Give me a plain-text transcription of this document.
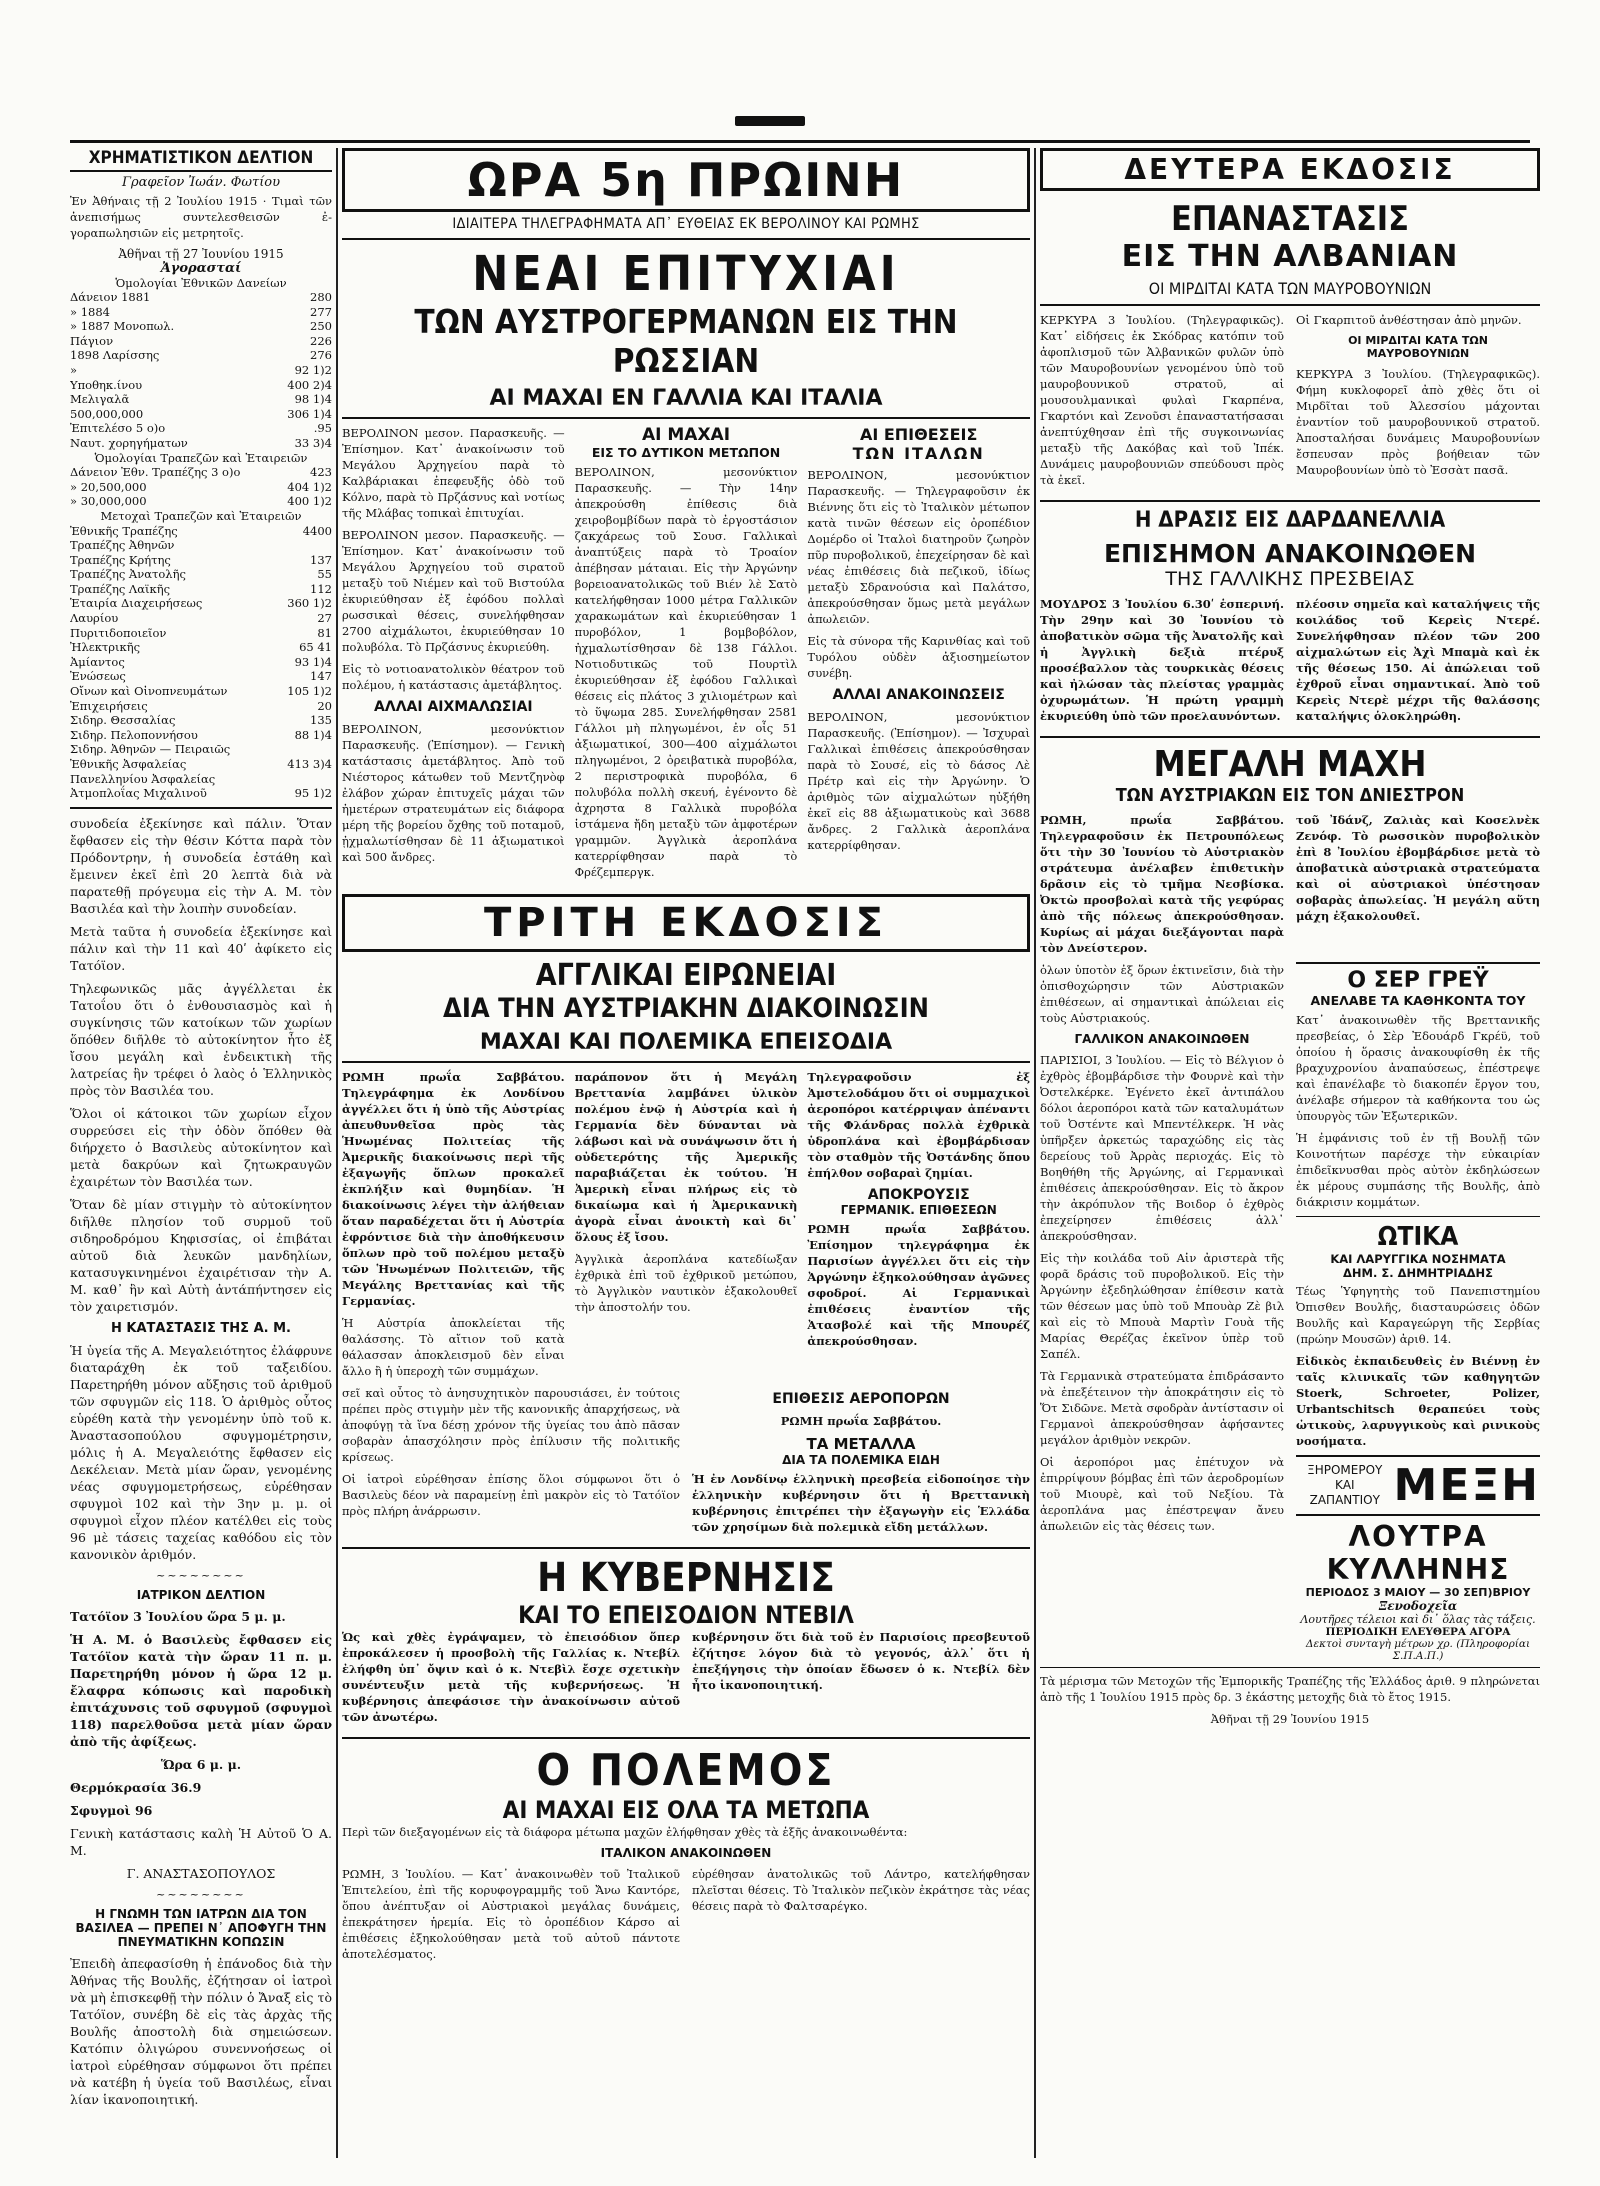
ΧΡΗΜΑΤΙΣΤΙΚΟΝ ΔΕΛΤΙΟΝ
Γραφεῖον Ἰωάν. Φωτίου

Ἐν Ἀθήναις τῇ 2 Ἰουλίου 1915 · Τιμαὶ τῶν ἀνεπισήμως συντελεσθεισῶν ἐ-γοραπωλησιῶν εἰς μετρητοῖς.

Ἀθῆναι τῇ 27 Ἰουνίου 1915
Ἀγορασταί
Ὁμολογίαι Ἐθνικῶν Δανείων
Δάνειον 1881	280
» 1884	277
» 1887 Μονοπωλ.	250
Πάγιον	226
1898 Λαρίσσης	276
»	92 1)2
Υποθηκ.ίνου	400 2)4
Μελιγαλᾶ	98 1)4
500,000,000	306 1)4
Ἐπιτελέσο 5 ο)ο	.95
Ναυτ. χορηγήματων	33 3)4
Ὁμολογίαι Τραπεζῶν καὶ Ἑταιρειῶν	
Δάνειον Ἐθν. Τραπέζης 3 ο)ο	423
» 20,500,000	404 1)2
» 30,000,000	400 1)2
Μετοχαὶ Τραπεζῶν καὶ Ἑταιρειῶν	
Ἐθνικῆς Τραπέζης	4400
Τραπέζης Ἀθηνῶν	
Τραπέζης Κρήτης	137
Τραπέζης Ἀνατολῆς	55
Τραπέζης Λαϊκῆς	112
Ἑταιρία Διαχειρήσεως	360 1)2
Λαυρίου	27
Πυριτιδοποιεῖον	81
Ἠλεκτρικῆς	65 41
Ἀμίαντος	93 1)4
Ἐνώσεως	147
Οἴνων καὶ Οἰνοπνευμάτων	105 1)2
Ἐπιχειρήσεις	20
Σιδηρ. Θεσσαλίας	135
Σιδηρ. Πελοποννήσου	88 1)4
Σιδηρ. Ἀθηνῶν — Πειραιῶς	
Ἐθνικῆς Ἀσφαλείας	413 3)4
Πανελληνίου Ἀσφαλείας	
Ἀτμοπλοΐας Μιχαλινοῦ	95 1)2

συνοδεία ἐξεκίνησε καὶ πάλιν. Ὅταν ἔφθασεν εἰς τὴν θέσιν Κόττα παρὰ τὸν Πρόδοντρην, ἡ συνοδεία ἐστάθη καὶ ἔμεινεν ἐκεῖ ἐπὶ 20 λεπτὰ διὰ νὰ παρατεθῇ πρόγευμα εἰς τὴν Α. Μ. τὸν Βασιλέα καὶ τὴν λοιπὴν συνοδείαν.

Μετὰ ταῦτα ἡ συνοδεία ἐξεκίνησε καὶ πάλιν καὶ τὴν 11 καὶ 40ʹ ἀφίκετο εἰς Τατόϊον.

Τηλεφωνικῶς μᾶς ἀγγέλλεται ἐκ Τατοΐου ὅτι ὁ ἐνθουσιασμὸς καὶ ἡ συγκίνησις τῶν κατοίκων τῶν χωρίων ὅπόθεν διῆλθε τὸ αὐτοκίνητον ἦτο ἐξ ἴσου μεγάλη καὶ ἐνδεικτικὴ τῆς λατρείας ἣν τρέφει ὁ λαὸς ὁ Ἑλληνικὸς πρὸς τὸν Βασιλέα του.

Ὅλοι οἱ κάτοικοι τῶν χωρίων εἶχον συρρεύσει εἰς τὴν ὁδὸν ὅπόθεν θὰ διήρχετο ὁ Βασιλεὺς αὐτοκίνητον καὶ μετὰ δακρύων καὶ ζητωκραυγῶν ἐχαιρέτων τὸν Βασιλέα των.

Ὅταν δὲ μίαν στιγμὴν τὸ αὐτοκίνητον διῆλθε πλησίον τοῦ συρμοῦ τοῦ σιδηροδρόμου Κηφισσίας, οἱ ἐπιβάται αὐτοῦ διὰ λευκῶν μανδηλίων, κατασυγκινημένοι ἐχαιρέτισαν τὴν Α. Μ. καθ᾽ ἣν καὶ Αὐτὴ ἀντάπήντησεν εἰς τὸν χαιρετισμόν.

Η ΚΑΤΑΣΤΑΣΙΣ ΤΗΣ Α. Μ.

Ἡ ὑγεία τῆς Α. Μεγαλειότητος ἐλάφρυνε διαταράχθη ἐκ τοῦ ταξειδίου. Παρετηρήθη μόνον αὔξησις τοῦ ἀριθμοῦ τῶν σφυγμῶν εἰς 118. Ὁ ἀριθμὸς οὗτος εὑρέθη κατὰ τὴν γενομένην ὑπὸ τοῦ κ. Ἀναστασοπούλου σφυγμομέτρησιν, μόλις ἡ Α. Μεγαλειότης ἔφθασεν εἰς Δεκέλειαν. Μετὰ μίαν ὥραν, γενομένης νέας σφυγμομετρήσεως, εὑρέθησαν σφυγμοὶ 102 καὶ τὴν 3ην μ. μ. οἱ σφυγμοὶ εἶχον πλέον κατέλθει εἰς τοὺς 96 μὲ τάσεις ταχείας καθόδου εἰς τὸν κανονικὸν ἀριθμόν.

~~~~~~~~
ΙΑΤΡΙΚΟΝ ΔΕΛΤΙΟΝ

Τατόϊον 3 Ἰουλίου ὥρα 5 μ. μ.

Ἡ Α. Μ. ὁ Βασιλεὺς ἔφθασεν εἰς Τατόϊον κατὰ τὴν ὥραν 11 π. μ. Παρετηρήθη μόνον ἡ ὥρα 12 μ. ἔλαφρα κόπωσις καὶ παροδικὴ ἐπιτάχυνσις τοῦ σφυγμοῦ (σφυγμοὶ 118) παρελθοῦσα μετὰ μίαν ὥραν ἀπὸ τῆς ἀφίξεως.

Ὥρα 6 μ. μ.
Θερμόκρασία 36.9
Σφυγμοὶ 96
Γενικὴ κατάστασις καλὴ Ἡ Αὐτοῦ Ὁ Α. Μ.
Γ. ΑΝΑΣΤΑΣΟΠΟΥΛΟΣ
~~~~~~~~
Η ΓΝΩΜΗ ΤΩΝ ΙΑΤΡΩΝ ΔΙΑ ΤΟΝ ΒΑΣΙΛΕΑ — ΠΡΕΠΕΙ Ν᾽ ΑΠΟΦΥΓΗ ΤΗΝ ΠΝΕΥΜΑΤΙΚΗΝ ΚΟΠΩΣΙΝ

Ἐπειδὴ ἀπεφασίσθη ἡ ἐπάνοδος διὰ τὴν Ἀθήνας τῆς Βουλῆς, ἐζήτησαν οἱ ἰατροὶ νὰ μὴ ἐπισκεφθῇ τὴν πόλιν ὁ Ἄναξ εἰς τὸ Τατόϊον, συνέβη δὲ εἰς τὰς ἀρχὰς τῆς Βουλῆς ἀποστολὴ διὰ σημειώσεων. Κατόπιν ὀλιγώρου συνεννοήσεως οἱ ἰατροὶ εὑρέθησαν σύμφωνοι ὅτι πρέπει νὰ κατέβη ἡ ὑγεία τοῦ Βασιλέως, εἶναι λίαν ἱκανοποιητική.

ΩΡΑ 5η ΠΡΩΙΝΗ
ΙΔΙΑΙΤΕΡΑ ΤΗΛΕΓΡΑΦΗΜΑΤΑ ΑΠ᾽ ΕΥΘΕΙΑΣ ΕΚ ΒΕΡΟΛΙΝΟΥ ΚΑΙ ΡΩΜΗΣ
ΝΕΑΙ ΕΠΙΤΥΧΙΑΙ
ΤΩΝ ΑΥΣΤΡΟΓΕΡΜΑΝΩΝ ΕΙΣ ΤΗΝ ΡΩΣΣΙΑΝ
ΑΙ ΜΑΧΑΙ ΕΝ ΓΑΛΛΙΑ ΚΑΙ ΙΤΑΛΙΑ

ΒΕΡΟΛΙΝΟΝ μεσον. Παρασκευῆς. — Ἐπίσημον. Κατ᾽ ἀνακοίνωσιν τοῦ Μεγάλου Ἀρχηγείου παρὰ τὸ Καλβάριακαι ἐπεφευξῆς ὁδὸ τοῦ Κόλνο, παρὰ τὸ Πρζάσνυς καὶ νοτίως τῆς Μλάβας τοπικαὶ ἐπιτυχίαι.

ΒΕΡΟΛΙΝΟΝ μεσον. Παρασκευῆς. — Ἐπίσημον. Κατ᾽ ἀνακοίνωσιν τοῦ Μεγάλου Ἀρχηγείου τοῦ σιρατοῦ μεταξὺ τοῦ Νιέμεν καὶ τοῦ Βιστούλα ἐκυριεύθησαν ἐξ ἐφόδου πολλαὶ ρωσσικαὶ θέσεις, συνελήφθησαν 2700 αἰχμάλωτοι, ἐκυριεύθησαν 10 πολυβόλα. Τὸ Πρζάσνυς ἐκυριεύθη.

Εἰς τὸ νοτιοανατολικὸν θέατρον τοῦ πολέμου, ἡ κατάστασις ἀμετάβλητος.

ΑΛΛΑΙ ΑΙΧΜΑΛΩΣΙΑΙ

ΒΕΡΟΛΙΝΟΝ, μεσονύκτιον Παρασκευῆς. (Ἐπίσημον). — Γενικὴ κατάστασις ἀμετάβλητος. Ἀπὸ τοῦ Νιέστορος κάτωθεν τοῦ Μεντζηνὸφ ἐλάβον χώραν ἐπιτυχεῖς μάχαι τῶν ἡμετέρων στρατευμάτων εἰς διάφορα μέρη τῆς βορείου ὄχθης τοῦ ποταμοῦ, ᾐχμαλωτίσθησαν δὲ 11 ἀξιωματικοὶ καὶ 500 ἄνδρες.

ΑΙ ΜΑΧΑΙ
ΕΙΣ ΤΟ ΔΥΤΙΚΟΝ ΜΕΤΩΠΟΝ

ΒΕΡΟΛΙΝΟΝ, μεσονύκτιον Παρασκευῆς. — Τὴν 14ην ἀπεκρούσθη ἐπίθεσις διὰ χειροβομβίδων παρὰ τὸ ἐργοστάσιον ζακχάρεως τοῦ Σουσ. Γαλλικαὶ ἀναπτύξεις παρὰ τὸ Τροαίον ἀπέβησαν μάταιαι. Εἰς τὴν Ἀργώνην βορειοανατολικῶς τοῦ Βιέν λὲ Σατὸ κατελήφθησαν 1000 μέτρα Γαλλικῶν χαρακωμάτων καὶ ἐκυριεύθησαν 1 πυροβόλον, 1 βομβοβόλον, ἠχμαλωτίσθησαν δὲ 138 Γάλλοι. Νοτιοδυτικῶς τοῦ Πουρτὶλ ἐκυριεύθησαν ἐξ ἐφόδου Γαλλικαὶ θέσεις εἰς πλάτος 3 χιλιομέτρων καὶ τὸ ὕψωμα 285. Συνελήφθησαν 2581 Γάλλοι μὴ πληγωμένοι, ἐν οἷς 51 ἀξιωματικοί, 300—400 αἰχμάλωτοι πληγωμένοι, 2 ὀρειβατικὰ πυροβόλα, 2 περιστροφικὰ πυροβόλα, 6 πολυβόλα πολλὴ σκευή, ἐγένοντο δὲ ἀχρηστα 8 Γαλλικὰ πυροβόλα ἱστάμενα ἤδη μεταξὺ τῶν ἀμφοτέρων γραμμῶν. Ἀγγλικὰ ἀεροπλάνα κατερρίφθησαν παρὰ τὸ Φρέζεμπεργκ.

ΑΙ ΕΠΙΘΕΣΕΙΣ
ΤΩΝ ΙΤΑΛΩΝ

ΒΕΡΟΛΙΝΟΝ, μεσονύκτιον Παρασκευῆς. — Τηλεγραφοῦσιν ἐκ Βιέννης ὅτι εἰς τὸ Ἰταλικὸν μέτωπον κατὰ τινῶν θέσεων εἰς ὀροπέδιον Δομέρδο οἱ Ἰταλοὶ διατηροῦν ζωηρὸν πῦρ πυροβολικοῦ, ἐπεχείρησαν δὲ καὶ νέας ἐπιθέσεις διὰ πεζικοῦ, ἰδίως μεταξὺ Σδρανούσια καὶ Παλάτσο, ἀπεκρούσθησαν ὅμως μετὰ μεγάλων ἀπωλειῶν.

Εἰς τὰ σύνορα τῆς Καρινθίας καὶ τοῦ Τυρόλου οὐδὲν ἀξιοσημείωτον συνέβη.

ΑΛΛΑΙ ΑΝΑΚΟΙΝΩΣΕΙΣ

ΒΕΡΟΛΙΝΟΝ, μεσονύκτιον Παρασκευῆς. (Ἐπίσημον). — Ἰσχυραὶ Γαλλικαὶ ἐπιθέσεις ἀπεκρούσθησαν παρὰ τὸ Σουσέ, εἰς τὸ δάσος Λὲ Πρέτρ καὶ εἰς τὴν Ἀργώνην. Ὁ ἀριθμὸς τῶν αἰχμαλώτων ηὐξήθη ἐκεῖ εἰς 88 ἀξιωματικοὺς καὶ 3688 ἄνδρες. 2 Γαλλικὰ ἀεροπλάνα κατερρίφθησαν.

ΤΡΙΤΗ ΕΚΔΟΣΙΣ
ΑΓΓΛΙΚΑΙ ΕΙΡΩΝΕΙΑΙ
ΔΙΑ ΤΗΝ ΑΥΣΤΡΙΑΚΗΝ ΔΙΑΚΟΙΝΩΣΙΝ
ΜΑΧΑΙ ΚΑΙ ΠΟΛΕΜΙΚΑ ΕΠΕΙΣΟΔΙΑ

ΡΩΜΗ πρωΐα Σαββάτου. Τηλεγράφημα ἐκ Λονδίνου ἀγγέλλει ὅτι ἡ ὑπὸ τῆς Αὐστρίας ἀπευθυνθεῖσα πρὸς τὰς Ἡνωμένας Πολιτείας τῆς Ἀμερικῆς διακοίνωσις περὶ τῆς ἐξαγωγῆς ὅπλων προκαλεῖ ἐκπλήξιν καὶ θυμηδίαν. Ἡ διακοίνωσις λέγει τὴν ἀλήθειαν ὅταν παραδέχεται ὅτι ἡ Αὐστρία ἐφρόντισε διὰ τὴν ἀποθήκευσιν ὅπλων πρὸ τοῦ πολέμου μεταξὺ τῶν Ἡνωμένων Πολιτειῶν, τῆς Μεγάλης Βρεττανίας καὶ τῆς Γερμανίας.

Ἡ Αὐστρία ἀποκλείεται τῆς θαλάσσης. Τὸ αἴτιον τοῦ κατὰ θάλασσαν ἀποκλεισμοῦ δὲν εἶναι ἄλλο ἢ ἡ ὑπεροχὴ τῶν συμμάχων.

παράπονον ὅτι ἡ Μεγάλη Βρεττανία λαμβάνει ὑλικὸν πολέμου ἐνῷ ἡ Αὐστρία καὶ ἡ Γερμανία δὲν δύνανται νὰ λάβωσι καὶ νὰ συνάψωσιν ὅτι ἡ οὐδετερότης τῆς Ἀμερικῆς παραβιάζεται ἐκ τούτου. Ἡ Ἀμερικὴ εἶναι πλήρως εἰς τὸ δικαίωμα καὶ ἡ Ἀμερικανικὴ ἀγορὰ εἶναι ἀνοικτὴ καὶ δι᾽ ὅλους ἐξ ἴσου.

Ἀγγλικὰ ἀεροπλάνα κατεδίωξαν ἐχθρικὰ ἐπὶ τοῦ ἐχθρικοῦ μετώπου, τὸ Ἀγγλικὸν ναυτικὸν ἐξακολουθεῖ τὴν ἀποστολήν του.

Τηλεγραφοῦσιν ἐξ Ἀμστελοδάμου ὅτι οἱ συμμαχικοὶ ἀεροπόροι κατέρριψαν ἀπέναντι τῆς Φλάνδρας πολλὰ ἐχθρικὰ ὑδροπλάνα καὶ ἐβομβάρδισαν τὸν σταθμὸν τῆς Ὀστάνδης ὅπου ἐπήλθον σοβαραὶ ζημίαι.

ΑΠΟΚΡΟΥΣΙΣ
ΓΕΡΜΑΝΙΚ. ΕΠΙΘΕΣΕΩΝ

ΡΩΜΗ πρωΐα Σαββάτου. Ἐπίσημον τηλεγράφημα ἐκ Παρισίων ἀγγέλλει ὅτι εἰς τὴν Ἀργώνην ἐξηκολούθησαν ἀγῶνες σφοδροί. Αἱ Γερμανικαὶ ἐπιθέσεις ἐναντίον τῆς Ἀτασβολέ καὶ τῆς Μπουρέζ ἀπεκρούσθησαν.

σεῖ καὶ οὗτος τὸ ἀνησυχητικὸν παρουσιάσει, ἐν τούτοις πρέπει πρὸς στιγμὴν μὲν τῆς κανονικῆς ἀπαρχήσεως, νὰ ἀποφύγῃ τὰ ἵνα δέσῃ χρόνον τῆς ὑγείας του ἀπὸ πᾶσαν σοβαρὰν ἀπασχόλησιν πρὸς ἐπίλυσιν τῆς πολιτικῆς κρίσεως.

Οἱ ἰατροὶ εὑρέθησαν ἐπίσης ὅλοι σύμφωνοι ὅτι ὁ Βασιλεὺς δέον νὰ παραμείνῃ ἐπὶ μακρὸν εἰς τὸ Τατόϊον πρὸς πλήρη ἀνάρρωσιν.

ΕΠΙΘΕΣΙΣ ΑΕΡΟΠΟΡΩΝ
ΡΩΜΗ πρωΐα Σαββάτου.
ΤΑ ΜΕΤΑΛΛΑ
ΔΙΑ ΤΑ ΠΟΛΕΜΙΚΑ ΕΙΔΗ

Ἡ ἐν Λονδίνῳ ἑλληνικὴ πρεσβεία εἰδοποίησε τὴν ἑλληνικὴν κυβέρνησιν ὅτι ἡ Βρεττανικὴ κυβέρνησις ἐπιτρέπει τὴν ἐξαγωγὴν εἰς Ἑλλάδα τῶν χρησίμων διὰ πολεμικὰ εἴδη μετάλλων.

Η ΚΥΒΕΡΝΗΣΙΣ
ΚΑΙ ΤΟ ΕΠΕΙΣΟΔΙΟΝ ΝΤΕΒΙΛ

Ὡς καὶ χθὲς ἐγράψαμεν, τὸ ἐπεισόδιον ὅπερ ἐπροκάλεσεν ἡ προσβολὴ τῆς Γαλλίας κ. Ντεβίλ ἐλήφθη ὑπ᾽ ὄψιν καὶ ὁ κ. Ντεβὶλ ἔσχε σχετικὴν συνέντευξιν μετὰ τῆς κυβερνήσεως. Ἡ κυβέρνησις ἀπεφάσισε τὴν ἀνακοίνωσιν αὐτοῦ τῶν ἀνωτέρω.

κυβέρνησιν ὅτι διὰ τοῦ ἐν Παρισίοις πρεσβευτοῦ ἐζήτησε λόγον διὰ τὸ γεγονός, ἀλλ᾽ ὅτι ἡ ἐπεξήγησις τὴν ὁποίαν ἔδωσεν ὁ κ. Ντεβίλ δὲν ἦτο ἱκανοποιητική.

Ο ΠΟΛΕΜΟΣ
ΑΙ ΜΑΧΑΙ ΕΙΣ ΟΛΑ ΤΑ ΜΕΤΩΠΑ

Περὶ τῶν διεξαγομένων εἰς τὰ διάφορα μέτωπα μαχῶν ἐλήφθησαν χθὲς τὰ ἑξῆς ἀνακοινωθέντα:

ΙΤΑΛΙΚΟΝ ΑΝΑΚΟΙΝΩΘΕΝ

ΡΩΜΗ, 3 Ἰουλίου. — Κατ᾽ ἀνακοινωθὲν τοῦ Ἰταλικοῦ Ἐπιτελείου, ἐπὶ τῆς κορυφογραμμῆς τοῦ Ἄνω Καντόρε, ὅπου ἀνέπτυξαν οἱ Αὐστριακοὶ μεγάλας δυνάμεις, ἐπεκράτησεν ἡρεμία. Εἰς τὸ ὀροπέδιον Κάρσο αἱ ἐπιθέσεις ἐξηκολούθησαν μετὰ τοῦ αὐτοῦ πάντοτε ἀποτελέσματος.

εὑρέθησαν ἀνατολικῶς τοῦ Λάντρο, κατελήφθησαν πλεῖσται θέσεις. Τὸ Ἰταλικὸν πεζικὸν ἐκράτησε τὰς νέας θέσεις παρὰ τὸ Φαλτσαρέγκο.

ΔΕΥΤΕΡΑ ΕΚΔΟΣΙΣ
ΕΠΑΝΑΣΤΑΣΙΣ
ΕΙΣ ΤΗΝ ΑΛΒΑΝΙΑΝ
ΟΙ ΜΙΡΔΙΤΑΙ ΚΑΤΑ ΤΩΝ ΜΑΥΡΟΒΟΥΝΙΩΝ

ΚΕΡΚΥΡΑ 3 Ἰουλίου. (Τηλεγραφικῶς). Κατ᾽ εἰδήσεις ἐκ Σκόδρας κατόπιν τοῦ ἀφοπλισμοῦ τῶν Ἀλβανικῶν φυλῶν ὑπὸ τῶν Μαυροβουνίων γενομένου ὑπὸ τοῦ μαυροβουνικοῦ στρατοῦ, αἱ μουσουλμανικαὶ φυλαὶ Γκαρπένα, Γκαρτόνι καὶ Ζενοῦσι ἐπαναστατήσασαι ἀνεπτύχθησαν ἐπὶ τῆς συγκοινωνίας μεταξὺ τῆς Δακόβας καὶ τοῦ Ἰπέκ. Δυνάμεις μαυροβουνιῶν σπεύδουσι πρὸς τὰ ἐκεῖ.

Οἱ Γκαρπιτοῦ ἀνθέστησαν ἀπὸ μηνῶν.

ΟΙ ΜΙΡΔΙΤΑΙ ΚΑΤΑ ΤΩΝ ΜΑΥΡΟΒΟΥΝΙΩΝ

ΚΕΡΚΥΡΑ 3 Ἰουλίου. (Τηλεγραφικῶς). Φήμη κυκλοφορεῖ ἀπὸ χθὲς ὅτι οἱ Μιρδῖται τοῦ Ἀλεσσίου μάχονται ἐναντίον τοῦ μαυροβουνικοῦ στρατοῦ. Ἀποσταλήσαι δυνάμεις Μαυροβουνίων ἔσπευσαν πρὸς βοήθειαν τῶν Μαυροβουνίων ὑπὸ τὸ Ἐσσὰτ πασᾶ.

Η ΔΡΑΣΙΣ ΕΙΣ ΔΑΡΔΑΝΕΛΛΙΑ
ΕΠΙΣΗΜΟΝ ΑΝΑΚΟΙΝΩΘΕΝ
ΤΗΣ ΓΑΛΛΙΚΗΣ ΠΡΕΣΒΕΙΑΣ

ΜΟΥΔΡΟΣ 3 Ἰουλίου 6.30ʹ ἑσπερινή. Τὴν 29ην καὶ 30 Ἰουνίου τὸ ἀποβατικὸν σῶμα τῆς Ἀνατολῆς καὶ ἡ Ἀγγλικὴ δεξιὰ πτέρυξ προσέβαλλον τὰς τουρκικὰς θέσεις καὶ ἠλώσαν τὰς πλείστας γραμμὰς ὀχυρωμάτων. Ἡ πρώτη γραμμὴ ἐκυριεύθη ὑπὸ τῶν προελαυνόντων.

πλέοσιν σημεῖα καὶ καταλήψεις τῆς κοιλάδος τοῦ Κερεὶς Ντερέ. Συνελήφθησαν πλέον τῶν 200 αἰχμαλώτων εἰς Ἀχὶ Μπαμὰ καὶ ἐκ τῆς θέσεως 150. Αἱ ἀπώλειαι τοῦ ἐχθροῦ εἶναι σημαντικαί. Ἀπὸ τοῦ Κερεὶς Ντερὲ μέχρι τῆς θαλάσσης καταλήψις ὁλοκληρώθη.

ΜΕΓΑΛΗ ΜΑΧΗ
ΤΩΝ ΑΥΣΤΡΙΑΚΩΝ ΕΙΣ ΤΟΝ ΔΝΙΕΣΤΡΟΝ

ΡΩΜΗ, πρωΐα Σαββάτου. Τηλεγραφοῦσιν ἐκ Πετρουπόλεως ὅτι τὴν 30 Ἰουνίου τὸ Αὐστριακὸν στράτευμα ἀνέλαβεν ἐπιθετικὴν δρᾶσιν εἰς τὸ τμῆμα Νεσβίσκα. Ὀκτὼ προσβολαὶ κατὰ τῆς γεφύρας ἀπὸ τῆς πόλεως ἀπεκρούσθησαν. Κυρίως αἱ μάχαι διεξάγονται παρὰ τὸν Δνείστερον.

τοῦ Ἰδάνζ, Ζαλιὰς καὶ Κοσελνὲκ Ζενόφ. Τὸ ρωσσικὸν πυροβολικὸν ἐπὶ 8 Ἰουλίου ἐβομβάρδισε μετὰ τὸ ἀποβατικὰ αὐστριακὰ στρατεύματα καὶ οἱ αὐστριακοὶ ὑπέστησαν σοβαρὰς ἀπωλείας. Ἡ μεγάλη αὕτη μάχη ἐξακολουθεῖ.

ὁλων ὑποτὸν ἐξ ὅρων ἐκτινεῖσιν, διὰ τὴν ὁπισθοχώρησιν τῶν Αὐστριακῶν ἐπιθέσεων, αἱ σημαντικαὶ ἀπώλειαι εἰς τοὺς Αὐστριακούς.

ΓΑΛΛΙΚΟΝ ΑΝΑΚΟΙΝΩΘΕΝ

ΠΑΡΙΣΙΟΙ, 3 Ἰουλίου. — Εἰς τὸ Βέλγιον ὁ ἐχθρὸς ἐβομβάρδισε τὴν Φουρνὲ καὶ τὴν Ὀστελκέρκε. Ἐγένετο ἐκεῖ ἀντιπάλου δόλοι ἀεροπόροι κατὰ τῶν καταλυμάτων τοῦ Ὀστέντε καὶ Μπεντέλκερκ. Ἡ νὰς ὑπῆρξεν ἀρκετώς ταραχώδης εἰς τὰς δερείους τοῦ Ἀρρὰς περιοχάς. Εἰς τὸ Βοηθήθη τῆς Ἀργώνης, αἱ Γερμανικαὶ ἐπιθέσεις ἀπεκρούσθησαν. Εἰς τὸ ἄκρον τὴν ἀκρόπυλον τῆς Βοιδορ ὁ ἐχθρὸς ἐπεχείρησεν ἐπιθέσεις ἀλλ᾽ ἀπεκρούσθησαν.

Εἰς τὴν κοιλάδα τοῦ Αἰν ἀριστερὰ τῆς φορᾶ δράσις τοῦ πυροβολικοῦ. Εἰς τὴν Ἀργώνην ἐξεδηλώθησαν ἐπίθεσιν κατὰ τῶν θέσεων μας ὑπὸ τοῦ Μπουὰρ Ζὲ βιλ καὶ εἰς τὸ Μπουὰ Μαρτὶν Γουὰ τῆς Μαρίας Θερέζας ἐκεῖνον ὑπὲρ τοῦ Σαπέλ.

Τὰ Γερμανικὰ στρατεύματα ἐπιδράσαντο νὰ ἐπεξέτεινον τὴν ἀποκράτησιν εἰς τὸ Ὅτ Σιδῶνε. Μετὰ σφοδρὰν ἀντίστασιν οἱ Γερμανοὶ ἀπεκρούσθησαν ἀφήσαντες μεγάλον ἀριθμὸν νεκρῶν.

Οἱ ἀεροπόροι μας ἐπέτυχον νὰ ἐπιρρίψουν βόμβας ἐπὶ τῶν ἀεροδρομίων τοῦ Μιουρὲ, καὶ τοῦ Νεξίου. Τὰ ἀεροπλάνα μας ἐπέστρεψαν ἄνευ ἀπωλειῶν εἰς τὰς θέσεις των.

Ο ΣΕΡ ΓΡΕΫ
ΑΝΕΛΑΒΕ ΤΑ ΚΑΘΗΚΟΝΤΑ ΤΟΥ

Κατ᾽ ἀνακοινωθὲν τῆς Βρεττανικῆς πρεσβείας, ὁ Σὲρ Ἐδουάρδ Γκρέϋ, τοῦ ὁποίου ἡ ὅρασις ἀνακουφίσθη ἐκ τῆς βραχυχρονίου ἀναπαύσεως, ἐπέστρεψε καὶ ἐπανέλαβε τὸ διακοπέν ἔργον του, ἀνέλαβε σήμερον τὰ καθήκοντα του ὡς ὑπουργὸς τῶν Ἐξωτερικῶν.

Ἡ ἐμφάνισις τοῦ ἐν τῇ Βουλῇ τῶν Κοινοτήτων παρέσχε τὴν εὐκαιρίαν ἐπιδεῖκνυσθαι πρὸς αὐτὸν ἐκδηλώσεων ἐκ μέρους συμπάσης τῆς Βουλῆς, ἀπὸ διάκρισιν κομμάτων.

ΩΤΙΚΑ
ΚΑΙ ΛΑΡΥΓΓΙΚΑ ΝΟΣΗΜΑΤΑ
ΔΗΜ. Σ. ΔΗΜΗΤΡΙΑΔΗΣ

Τέως Ὑφηγητὴς τοῦ Πανεπιστημίου Ὀπισθεν Βουλῆς, διασταυρώσεις ὁδῶν Βουλῆς καὶ Καραγεώργη τῆς Σερβίας (πρώην Μουσῶν) ἀριθ. 14.

Εἰδικὸς ἐκπαιδευθεὶς ἐν Βιέννῃ ἐν ταῖς κλινικαῖς τῶν καθηγητῶν Stoerk, Schroeter, Polizer, Urbantschitsch θεραπεύει τοὺς ὠτικοὺς, λαρυγγικοὺς καὶ ρινικοὺς νοσήματα.

ΞΗΡΟΜΕΡΟΥ
ΚΑΙ
ΖΑΠΑΝΤΙΟΥ ΜΕΞΗ
ΛΟΥΤΡΑ
ΚΥΛΛΗΝΗΣ
ΠΕΡΙΟΔΟΣ 3 ΜΑΙΟΥ — 30 ΣΕΠ)ΒΡΙΟΥ
Ξενοδοχεῖα
Λουτῆρες τέλειοι καὶ δι᾽ ὅλας τὰς τάξεις.
ΠΕΡΙΟΔΙΚΗ ΕΛΕΥΘΕΡΑ ΑΓΟΡΑ
Δεκτοὶ συνταγὴ μέτρων χρ. (Πληροφορίαι Σ.Π.Α.Π.)

Τὰ μέρισμα τῶν Μετοχῶν τῆς Ἐμπορικῆς Τραπέζης τῆς Ἑλλάδος ἀριθ. 9 πληρώνεται ἀπὸ τῆς 1 Ἰουλίου 1915 πρὸς δρ. 3 ἐκάστης μετοχῆς διὰ τὸ ἔτος 1915.

Ἀθῆναι τῇ 29 Ἰουνίου 1915
